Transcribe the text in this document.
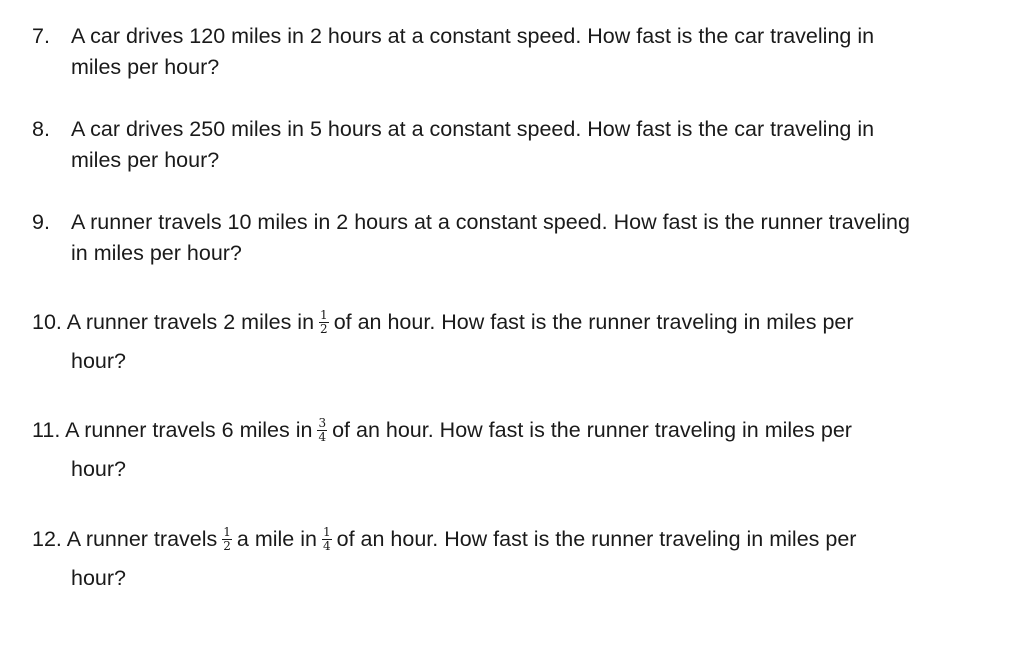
7. A car drives 120 miles in 2 hours at a constant speed. How fast is the car traveling in
miles per hour?
8. A car drives 250 miles in 5 hours at a constant speed. How fast is the car traveling in
miles per hour?
9. A runner travels 10 miles in 2 hours at a constant speed. How fast is the runner traveling
in miles per hour?
10. A runner travels 2 miles in $\frac{1}{2}$ of an hour. How fast is the runner traveling in miles per
hour?
11. A runner travels 6 miles in $\frac{3}{4}$ of an hour. How fast is the runner traveling in miles per
hour?
12. A runner travels $\frac{1}{2}$ a mile in $\frac{1}{4}$ of an hour. How fast is the runner traveling in miles per
hour?
